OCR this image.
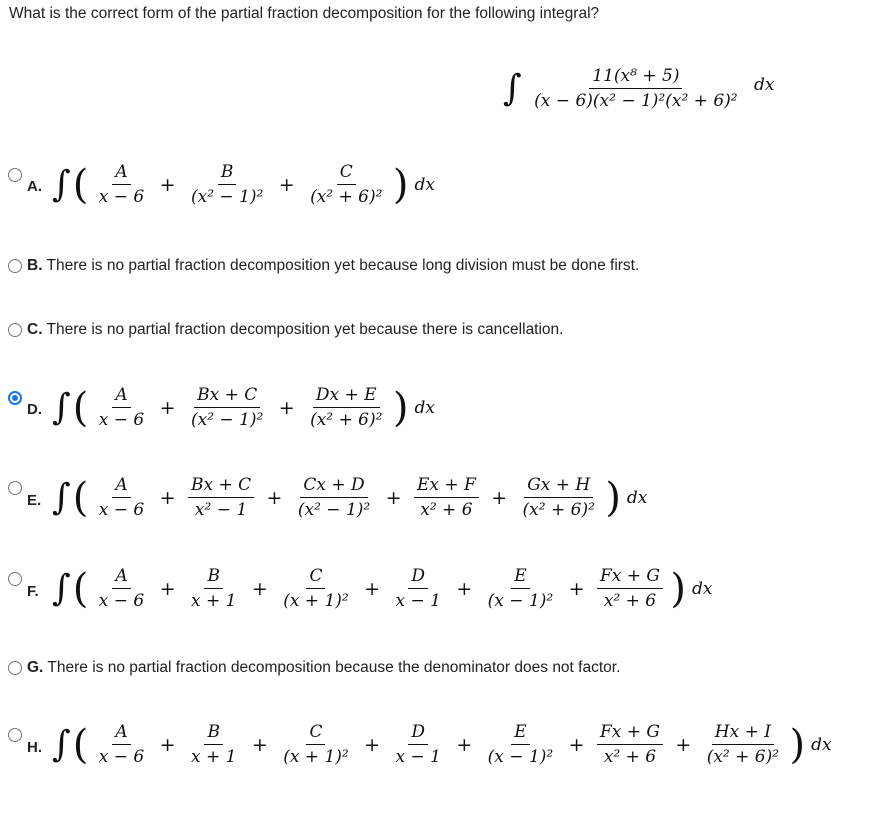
What is the correct form of the partial fraction decomposition for the following integral?
∫ $\frac{\text{11(x⁸ + 5)}}{\text{(x − 6)(x² − 1)²(x² + 6)²}}$ dx
A. ∫( $\frac{A}{x - 6} + \frac{B}{\text{(x² − 1)²}} + \frac{C}{\text{(x² + 6)²}}$ ) dx
B. There is no partial fraction decomposition yet because long division must be done first.
C. There is no partial fraction decomposition yet because there is cancellation.
D. ∫( $\frac{A}{x - 6} + \frac{Bx + C}{\text{(x² − 1)²}} + \frac{Dx + E}{\text{(x² + 6)²}}$ ) dx
E. ∫( $\frac{A}{x - 6} + \frac{Bx + C}{\text{x² − 1}} + \frac{Cx + D}{\text{(x² − 1)²}} + \frac{Ex + F}{\text{x² + 6}} + \frac{Gx + H}{\text{(x² + 6)²}}$ ) dx
F. ∫( $\frac{A}{x - 6} + \frac{B}{x + 1} + \frac{C}{\text{(x + 1)²}} + \frac{D}{x - 1} + \frac{E}{\text{(x − 1)²}} + \frac{Fx + G}{\text{x² + 6}}$ ) dx
G. There is no partial fraction decomposition because the denominator does not factor.
H. ∫( $\frac{A}{x - 6} + \frac{B}{x + 1} + \frac{C}{\text{(x + 1)²}} + \frac{D}{x - 1} + \frac{E}{\text{(x − 1)²}} + \frac{Fx + G}{\text{x² + 6}} + \frac{Hx + I}{\text{(x² + 6)²}}$ ) dx
